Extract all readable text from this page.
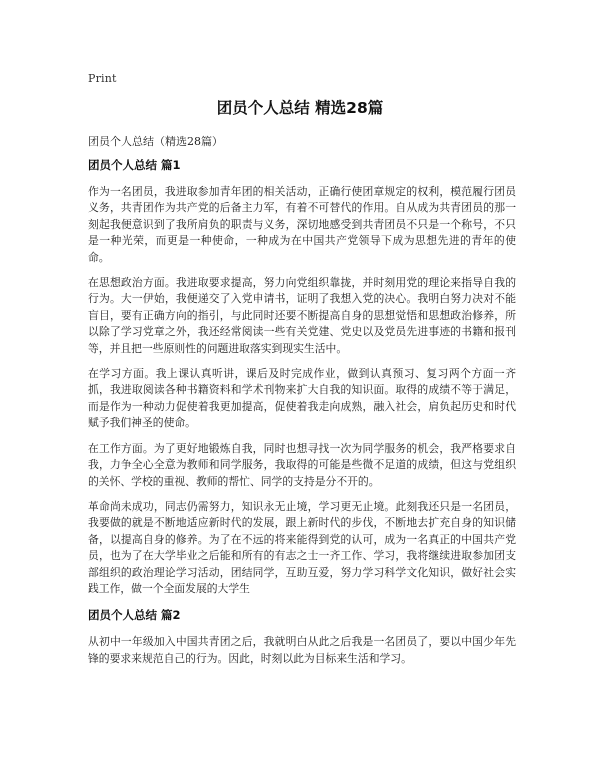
Print
团员个人总结 精选28篇
团员个人总结（精选28篇）
团员个人总结 篇1

作为一名团员，我进取参加青年团的相关活动，正确行使团章规定的权利，模范履行团员义务，共青团作为共产党的后备主力军，有着不可替代的作用。自从成为共青团员的那一刻起我便意识到了我所肩负的职责与义务，深切地感受到共青团员不只是一个称号，不只是一种光荣，而更是一种使命，一种成为在中国共产党领导下成为思想先进的青年的使命。

在思想政治方面。我进取要求提高，努力向党组织靠拢，并时刻用党的理论来指导自我的行为。大一伊始，我便递交了入党申请书，证明了我想入党的决心。我明白努力决对不能盲目，要有正确方向的指引，与此同时还要不断提高自身的思想觉悟和思想政治修养，所以除了学习党章之外，我还经常阅读一些有关党建、党史以及党员先进事迹的书籍和报刊等，并且把一些原则性的问题进取落实到现实生活中。

在学习方面。我上课认真听讲，课后及时完成作业，做到认真预习、复习两个方面一齐抓，我进取阅读各种书籍资料和学术刊物来扩大自我的知识面。取得的成绩不等于满足，而是作为一种动力促使着我更加提高，促使着我走向成熟，融入社会，肩负起历史和时代赋予我们神圣的使命。

在工作方面。为了更好地锻炼自我，同时也想寻找一次为同学服务的机会，我严格要求自我，力争全心全意为教师和同学服务，我取得的可能是些微不足道的成绩，但这与党组织的关怀、学校的重视、教师的帮忙、同学的支持是分不开的。

革命尚未成功，同志仍需努力，知识永无止境，学习更无止境。此刻我还只是一名团员，我要做的就是不断地适应新时代的发展，跟上新时代的步伐，不断地去扩充自身的知识储备，以提高自身的修养。为了在不远的将来能得到党的认可，成为一名真正的中国共产党员，也为了在大学毕业之后能和所有的有志之士一齐工作、学习，我将继续进取参加团支部组织的政治理论学习活动，团结同学，互助互爱，努力学习科学文化知识，做好社会实践工作，做一个全面发展的大学生

团员个人总结 篇2

从初中一年级加入中国共青团之后，我就明白从此之后我是一名团员了，要以中国少年先锋的要求来规范自己的行为。因此，时刻以此为目标来生活和学习。
